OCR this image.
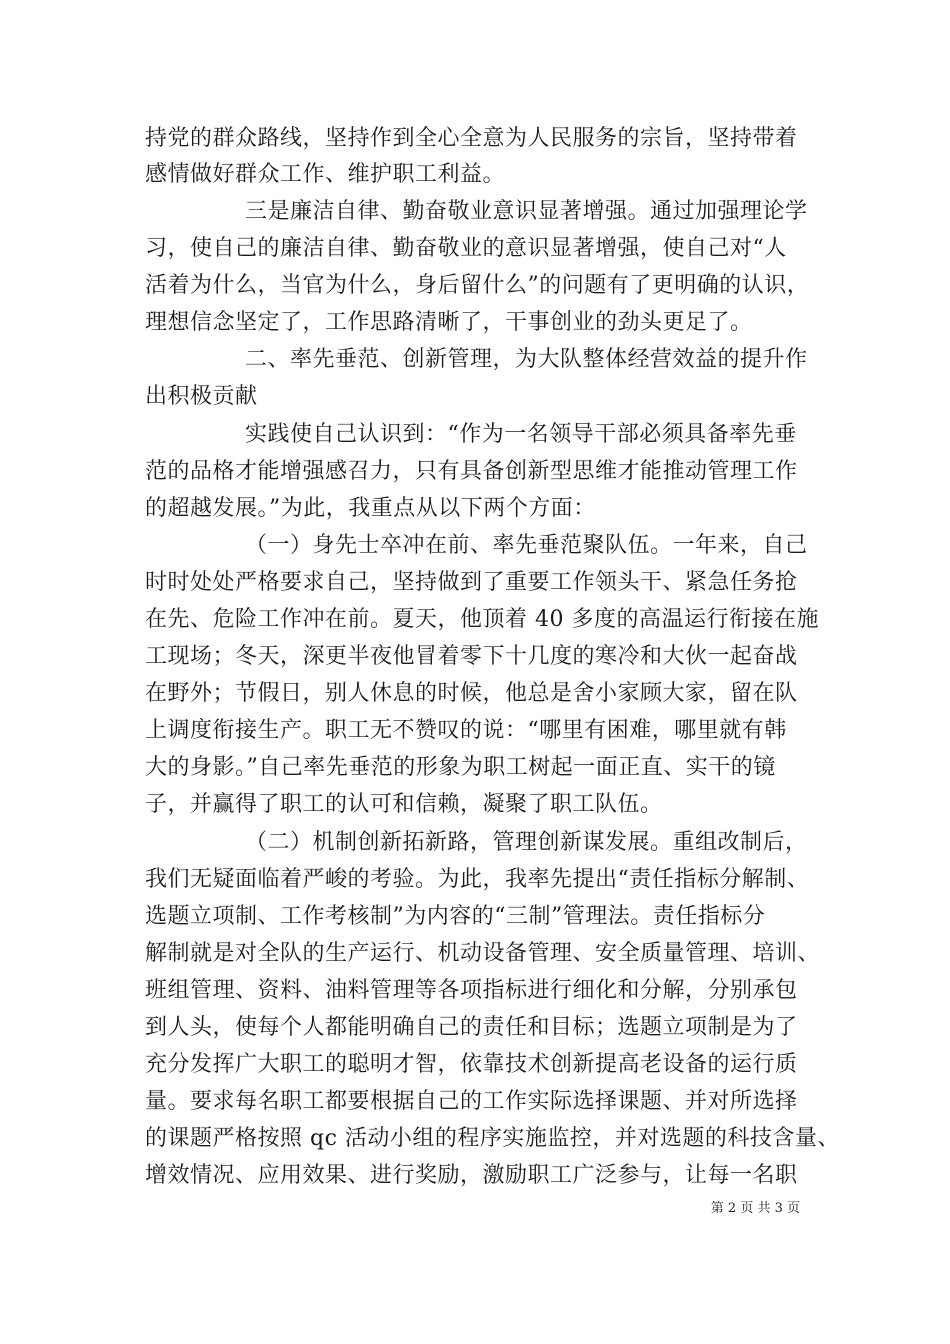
持党的群众路线，坚持作到全心全意为人民服务的宗旨，坚持带着
感情做好群众工作、维护职工利益。
三是廉洁自律、勤奋敬业意识显著增强。通过加强理论学
习，使自己的廉洁自律、勤奋敬业的意识显著增强，使自己对“人
活着为什么，当官为什么，身后留什么”的问题有了更明确的认识，
理想信念坚定了，工作思路清晰了，干事创业的劲头更足了。
二、率先垂范、创新管理，为大队整体经营效益的提升作
出积极贡献
实践使自己认识到：“作为一名领导干部必须具备率先垂
范的品格才能增强感召力，只有具备创新型思维才能推动管理工作
的超越发展。”为此，我重点从以下两个方面：
（一）身先士卒冲在前、率先垂范聚队伍。一年来，自己
时时处处严格要求自己，坚持做到了重要工作领头干、紧急任务抢
在先、危险工作冲在前。夏天，他顶着 40 多度的高温运行衔接在施
工现场；冬天，深更半夜他冒着零下十几度的寒冷和大伙一起奋战
在野外；节假日，别人休息的时候，他总是舍小家顾大家，留在队
上调度衔接生产。职工无不赞叹的说：“哪里有困难，哪里就有韩
大的身影。”自己率先垂范的形象为职工树起一面正直、实干的镜
子，并赢得了职工的认可和信赖，凝聚了职工队伍。
（二）机制创新拓新路，管理创新谋发展。重组改制后，
我们无疑面临着严峻的考验。为此，我率先提出“责任指标分解制、
选题立项制、工作考核制”为内容的“三制”管理法。责任指标分
解制就是对全队的生产运行、机动设备管理、安全质量管理、培训、
班组管理、资料、油料管理等各项指标进行细化和分解，分别承包
到人头，使每个人都能明确自己的责任和目标；选题立项制是为了
充分发挥广大职工的聪明才智，依靠技术创新提高老设备的运行质
量。要求每名职工都要根据自己的工作实际选择课题、并对所选择
的课题严格按照 qc 活动小组的程序实施监控，并对选题的科技含量、
增效情况、应用效果、进行奖励，激励职工广泛参与，让每一名职
第 2 页 共 3 页
